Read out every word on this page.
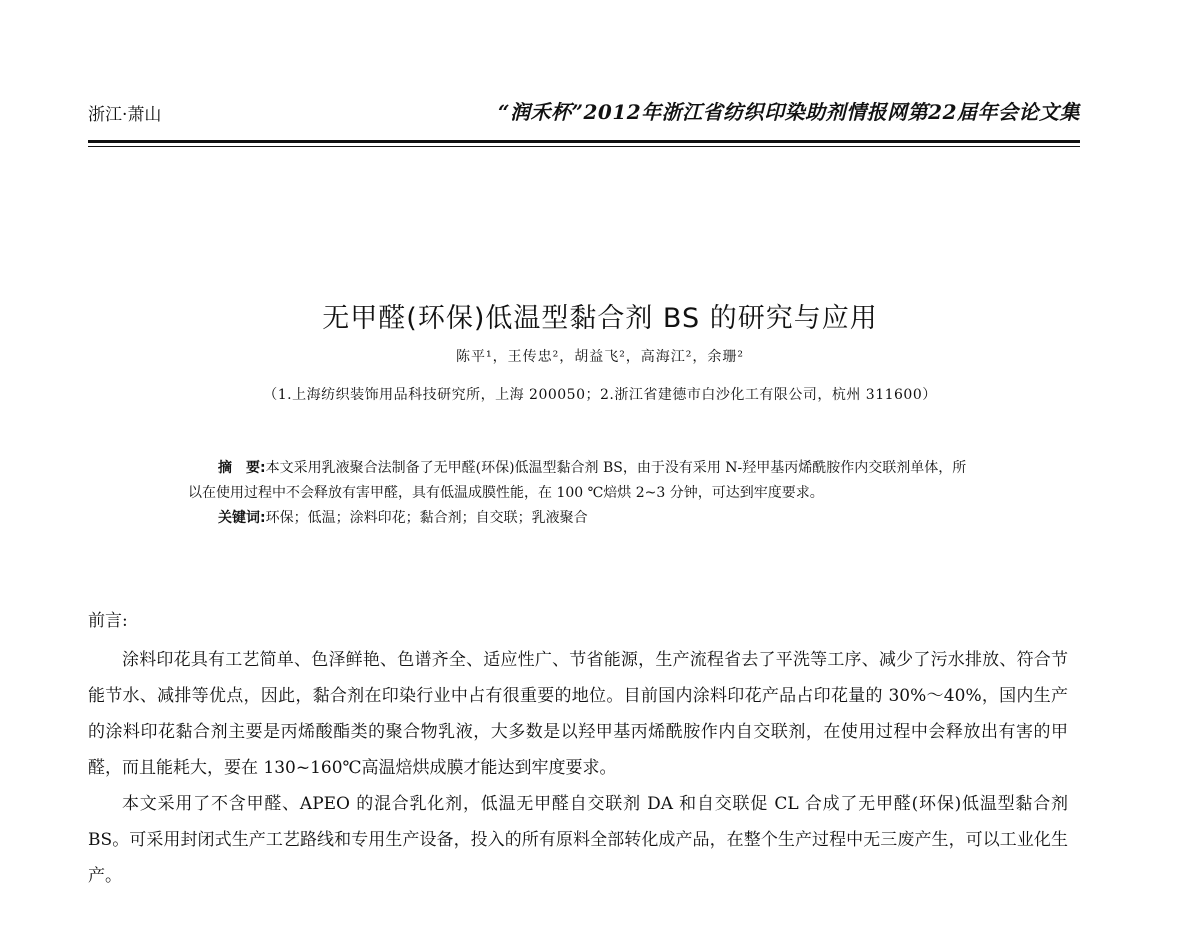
浙江·萧山	“润禾杯”2012年浙江省纺织印染助剂情报网第22届年会论文集
无甲醛(环保)低温型黏合剂 BS 的研究与应用
陈平¹，王传忠²，胡益飞²，高海江²，余珊²
（1.上海纺织装饰用品科技研究所，上海 200050；2.浙江省建德市白沙化工有限公司，杭州 311600）

摘　要:本文采用乳液聚合法制备了无甲醛(环保)低温型黏合剂 BS，由于没有采用 N-羟甲基丙烯酰胺作内交联剂单体，所以在使用过程中不会释放有害甲醛，具有低温成膜性能，在 100 ℃焙烘 2~3 分钟，可达到牢度要求。

关键词:环保；低温；涂料印花；黏合剂；自交联；乳液聚合

前言:

涂料印花具有工艺简单、色泽鲜艳、色谱齐全、适应性广、节省能源，生产流程省去了平洗等工序、减少了污水排放、符合节能节水、减排等优点，因此，黏合剂在印染行业中占有很重要的地位。目前国内涂料印花产品占印花量的 30%～40%，国内生产的涂料印花黏合剂主要是丙烯酸酯类的聚合物乳液，大多数是以羟甲基丙烯酰胺作内自交联剂，在使用过程中会释放出有害的甲醛，而且能耗大，要在 130~160℃高温焙烘成膜才能达到牢度要求。

本文采用了不含甲醛、APEO 的混合乳化剂，低温无甲醛自交联剂 DA 和自交联促 CL 合成了无甲醛(环保)低温型黏合剂 BS。可采用封闭式生产工艺路线和专用生产设备，投入的所有原料全部转化成产品，在整个生产过程中无三废产生，可以工业化生产。
